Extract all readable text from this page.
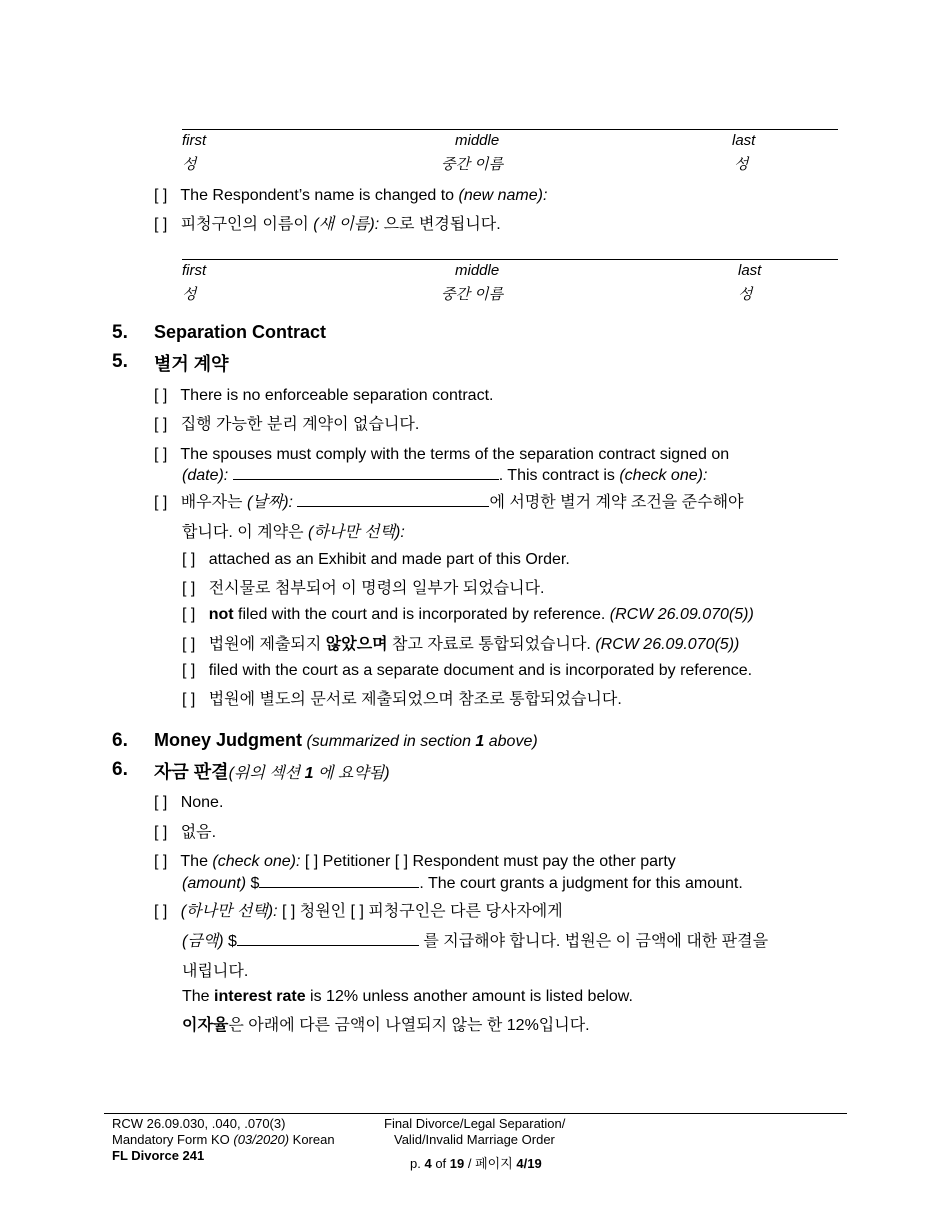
first	middle	last
성	중간 이름	성
[ ] The Respondent’s name is changed to (new name):
[ ] 피청구인의 이름이 (새 이름): 으로 변경됩니다.
first	middle	last
성	중간 이름	성
5. Separation Contract
5. 별거 계약
[ ] There is no enforceable separation contract.
[ ] 집행 가능한 분리 계약이 없습니다.
[ ] The spouses must comply with the terms of the separation contract signed on
(date):	. This contract is (check one):
[ ] 배우자는 (날짜):	에 서명한 별거 계약 조건을 준수해야
합니다. 이 계약은 (하나만 선택):
[ ] attached as an Exhibit and made part of this Order.
[ ] 전시물로 첨부되어 이 명령의 일부가 되었습니다.
[ ] not filed with the court and is incorporated by reference. (RCW 26.09.070(5))
[ ] 법원에 제출되지 않았으며 참고 자료로 통합되었습니다. (RCW 26.09.070(5))
[ ] filed with the court as a separate document and is incorporated by reference.
[ ] 법원에 별도의 문서로 제출되었으며 참조로 통합되었습니다.
6. Money Judgment (summarized in section 1 above)
6. 자금 판결(위의 섹션 1 에 요약됨)
[ ] None.
[ ] 없음.
[ ] The (check one): [ ] Petitioner [ ] Respondent must pay the other party
(amount) $	. The court grants a judgment for this amount.
[ ] (하나만 선택): [ ] 청원인 [ ] 피청구인은 다른 당사자에게
(금액) $	를 지급해야 합니다. 법원은 이 금액에 대한 판결을
내립니다.
The interest rate is 12% unless another amount is listed below.
이자율은 아래에 다른 금액이 나열되지 않는 한 12%입니다.
RCW 26.09.030, .040, .070(3)
Mandatory Form KO (03/2020) Korean
FL Divorce 241
Final Divorce/Legal Separation/
Valid/Invalid Marriage Order
p. 4 of 19 / 페이지 4/19
